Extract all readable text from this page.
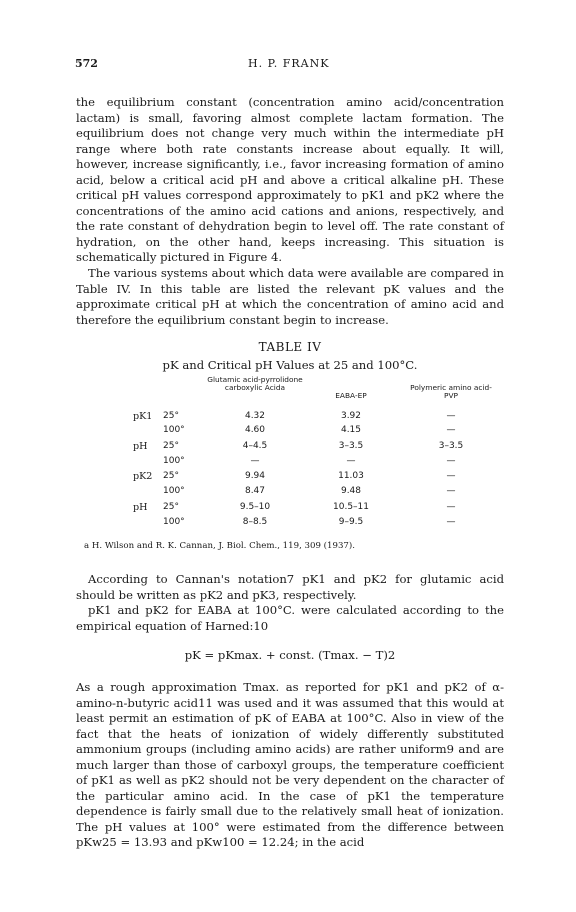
572	H. P. FRANK
the equilibrium constant (concentration amino acid/concentration lactam) is small, favoring almost complete lactam formation. The equilibrium does not change very much within the intermediate pH range where both rate constants increase about equally. It will, however, increase significantly, i.e., favor increasing formation of amino acid, below a critical acid pH and above a critical alkaline pH. These critical pH values correspond approximately to pK1 and pK2 where the concentrations of the amino acid cations and anions, respectively, and the rate constant of dehydration begin to level off. The rate constant of hydration, on the other hand, keeps increasing. This situation is schematically pictured in Figure 4.
The various systems about which data were available are compared in Table IV. In this table are listed the relevant pK values and the approximate critical pH at which the concentration of amino acid and therefore the equilibrium constant begin to increase.
TABLE IV
pK and Critical pH Values at 25 and 100°C.
Glutamic acid-pyrrolidone carboxylic Acida
EABA-EP
Polymeric amino acid-PVP
pK1	25°	4.32	3.92	—
100°	4.60	4.15	—
pH	25°	4–4.5	3–3.5	3–3.5
100°	—	—	—
pK2	25°	9.94	11.03	—
100°	8.47	9.48	—
pH	25°	9.5–10	10.5–11	—
100°	8–8.5	9–9.5	—
a H. Wilson and R. K. Cannan, J. Biol. Chem., 119, 309 (1937).
According to Cannan's notation7 pK1 and pK2 for glutamic acid should be written as pK2 and pK3, respectively.
pK1 and pK2 for EABA at 100°C. were calculated according to the empirical equation of Harned:10
pK = pKmax. + const. (Tmax. − T)2
As a rough approximation Tmax. as reported for pK1 and pK2 of α-amino-n-butyric acid11 was used and it was assumed that this would at least permit an estimation of pK of EABA at 100°C. Also in view of the fact that the heats of ionization of widely differently substituted ammonium groups (including amino acids) are rather uniform9 and are much larger than those of carboxyl groups, the temperature coefficient of pK1 as well as pK2 should not be very dependent on the character of the particular amino acid. In the case of pK1 the temperature dependence is fairly small due to the relatively small heat of ionization. The pH values at 100° were estimated from the difference between pKw25 = 13.93 and pKw100 = 12.24; in the acid
